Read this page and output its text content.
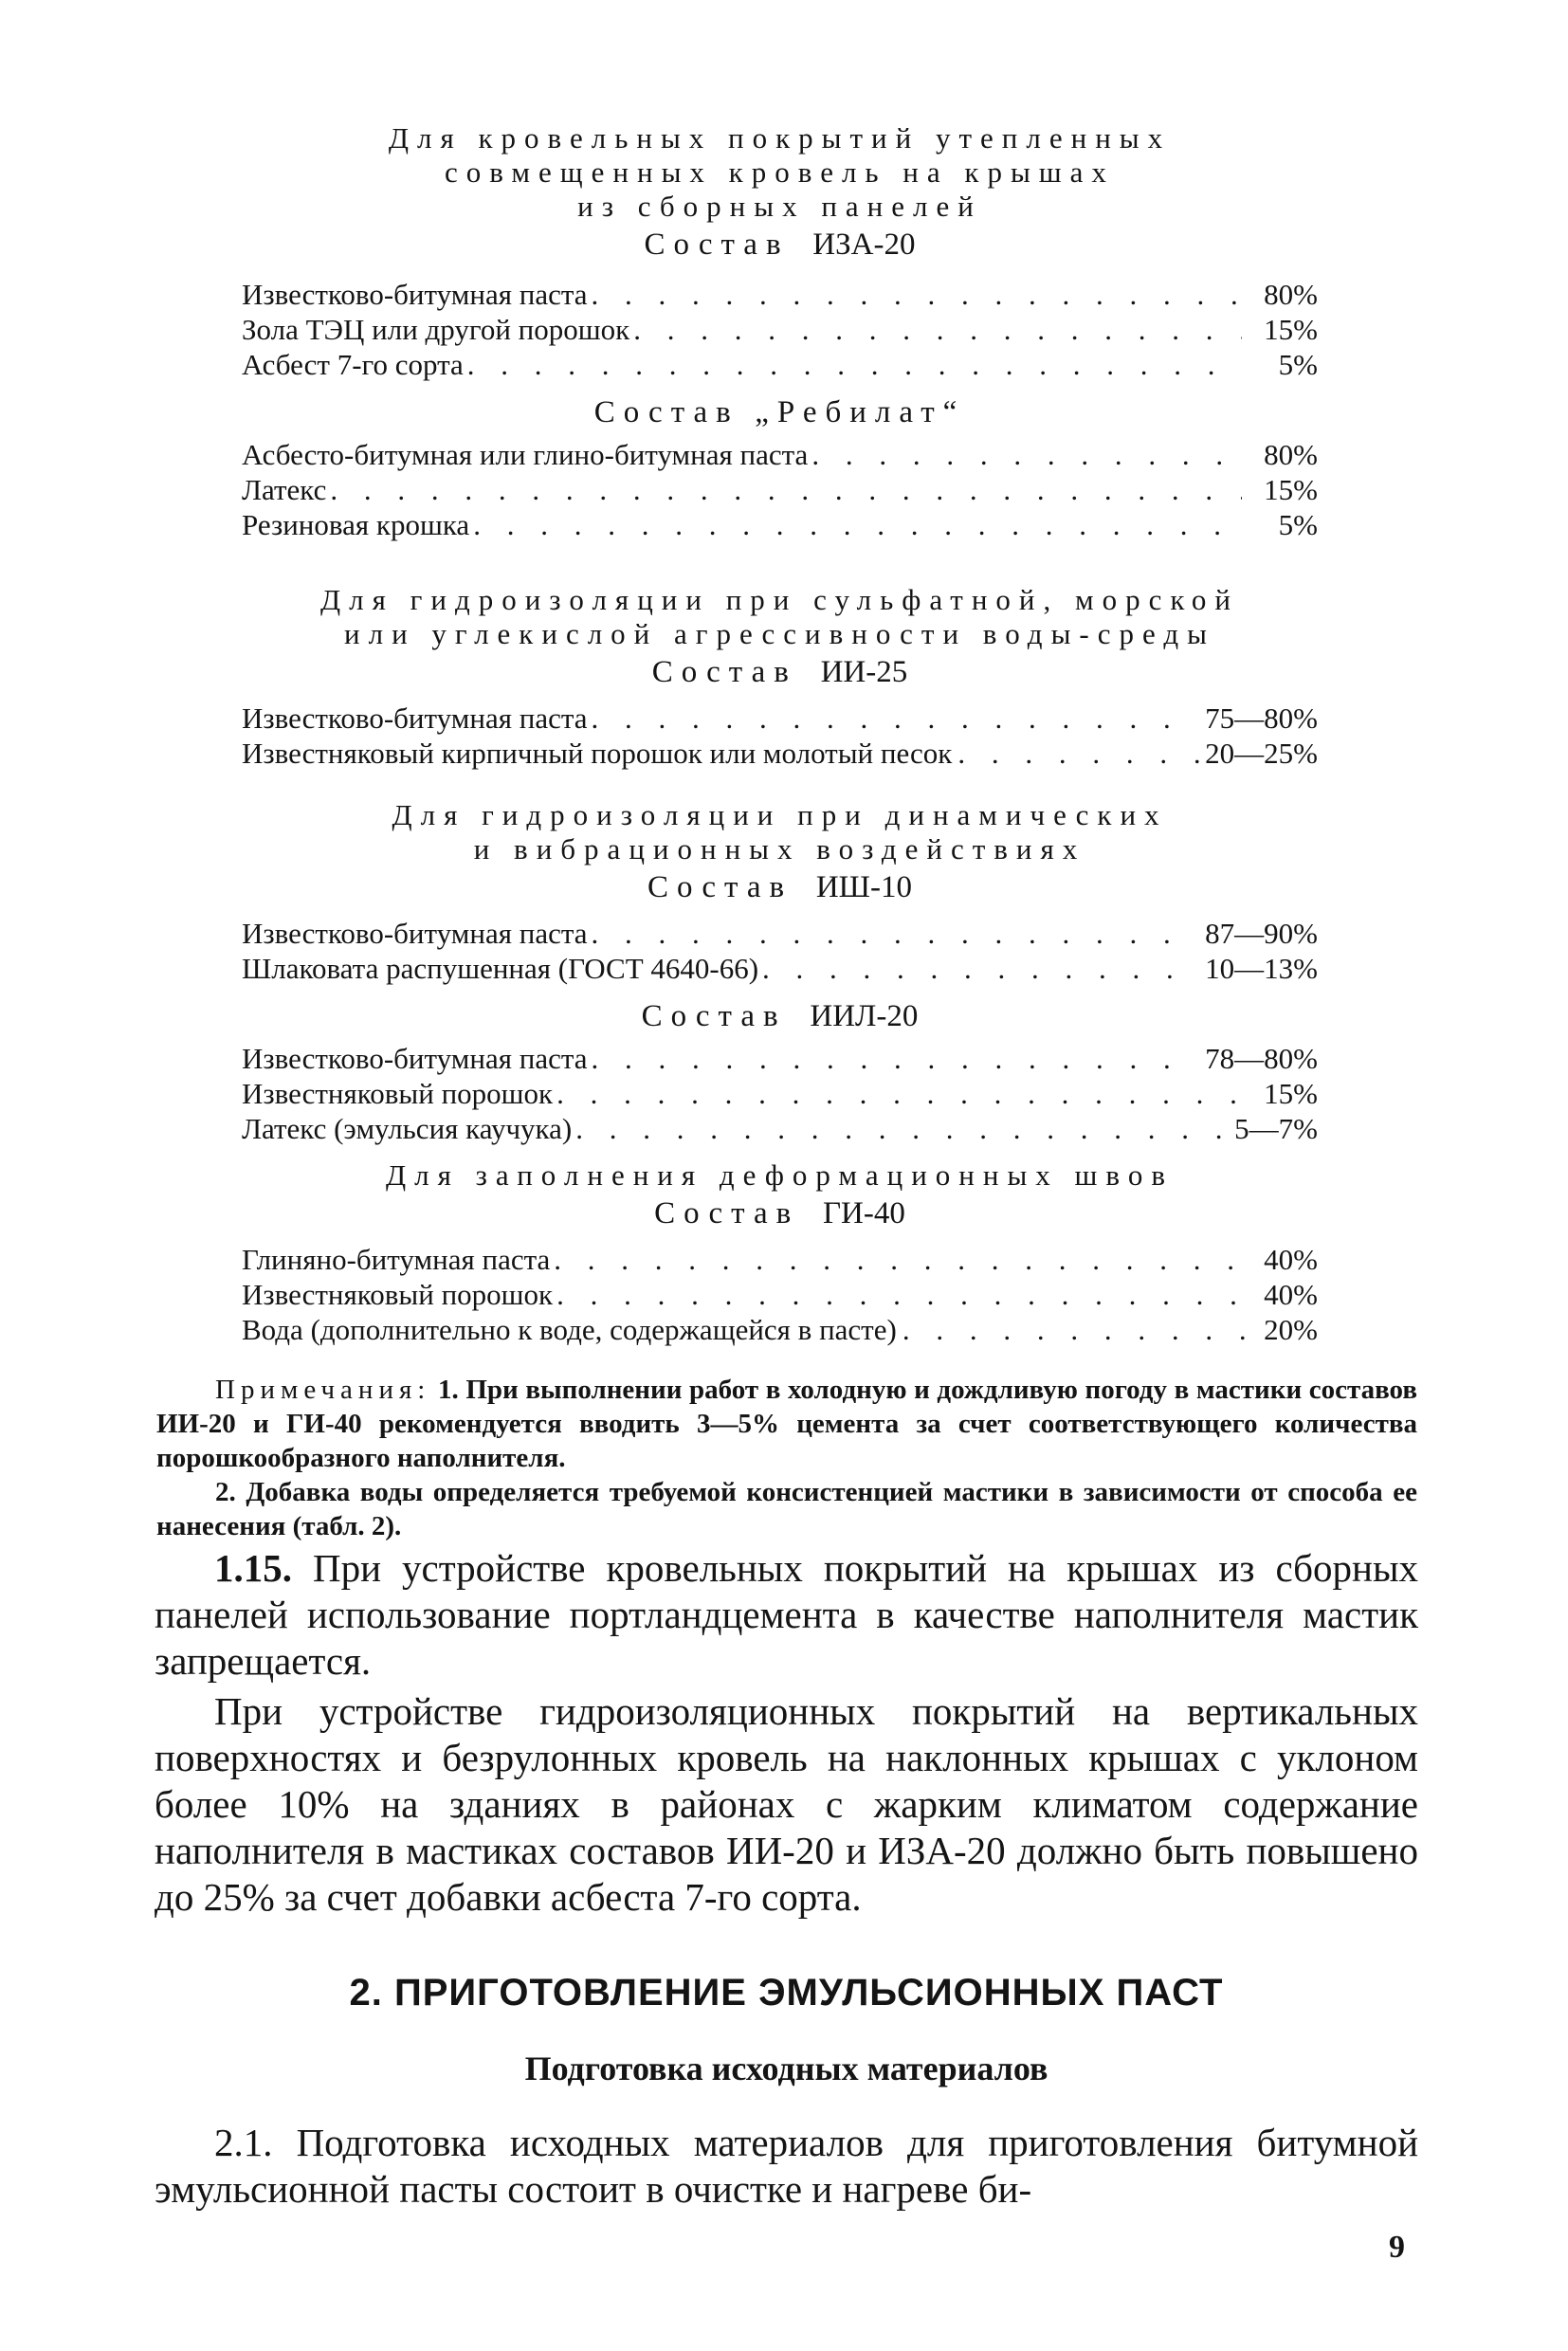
Для кровельных покрытий утепленных
совмещенных кровель на крышах
из сборных панелей
Состав ИЗА-20
Известково-битумная паста . . .	80%
Зола ТЭЦ или другой порошок . . .	15%
Асбест 7-го сорта . . .	5%
Состав „Ребилат“
Асбесто-битумная или глино-битумная паста . . .	80%
Латекс . . .	15%
Резиновая крошка . . .	5%
Для гидроизоляции при сульфатной, морской
или углекислой агрессивности воды-среды
Состав ИИ-25
Известково-битумная паста . . .	75—80%
Известняковый кирпичный порошок или молотый песок . . .	20—25%
Для гидроизоляции при динамических
и вибрационных воздействиях
Состав ИШ-10
Известково-битумная паста . . .	87—90%
Шлаковата распушенная (ГОСТ 4640-66) . . .	10—13%
Состав ИИЛ-20
Известково-битумная паста . . .	78—80%
Известняковый порошок . . .	15%
Латекс (эмульсия каучука) . . .	5—7%
Для заполнения деформационных швов
Состав ГИ-40
Глиняно-битумная паста . . .	40%
Известняковый порошок . . .	40%
Вода (дополнительно к воде, содержащейся в пасте) . . .	20%
Примечания: 1. При выполнении работ в холодную и дождливую погоду в мастики составов ИИ-20 и ГИ-40 рекомендуется вводить 3—5% цемента за счет соответствующего количества порошкообразного наполнителя.
2. Добавка воды определяется требуемой консистенцией мастики в зависимости от способа ее нанесения (табл. 2).

1.15. При устройстве кровельных покрытий на крышах из сборных панелей использование портландцемента в качестве наполнителя мастик запрещается.

При устройстве гидроизоляционных покрытий на вертикальных поверхностях и безрулонных кровель на наклонных крышах с уклоном более 10% на зданиях в районах с жарким климатом содержание наполнителя в мастиках составов ИИ-20 и ИЗА-20 должно быть повышено до 25% за счет добавки асбеста 7-го сорта.

2. ПРИГОТОВЛЕНИЕ ЭМУЛЬСИОННЫХ ПАСТ
Подготовка исходных материалов

2.1. Подготовка исходных материалов для приготовления битумной эмульсионной пасты состоит в очистке и нагреве би-

9
